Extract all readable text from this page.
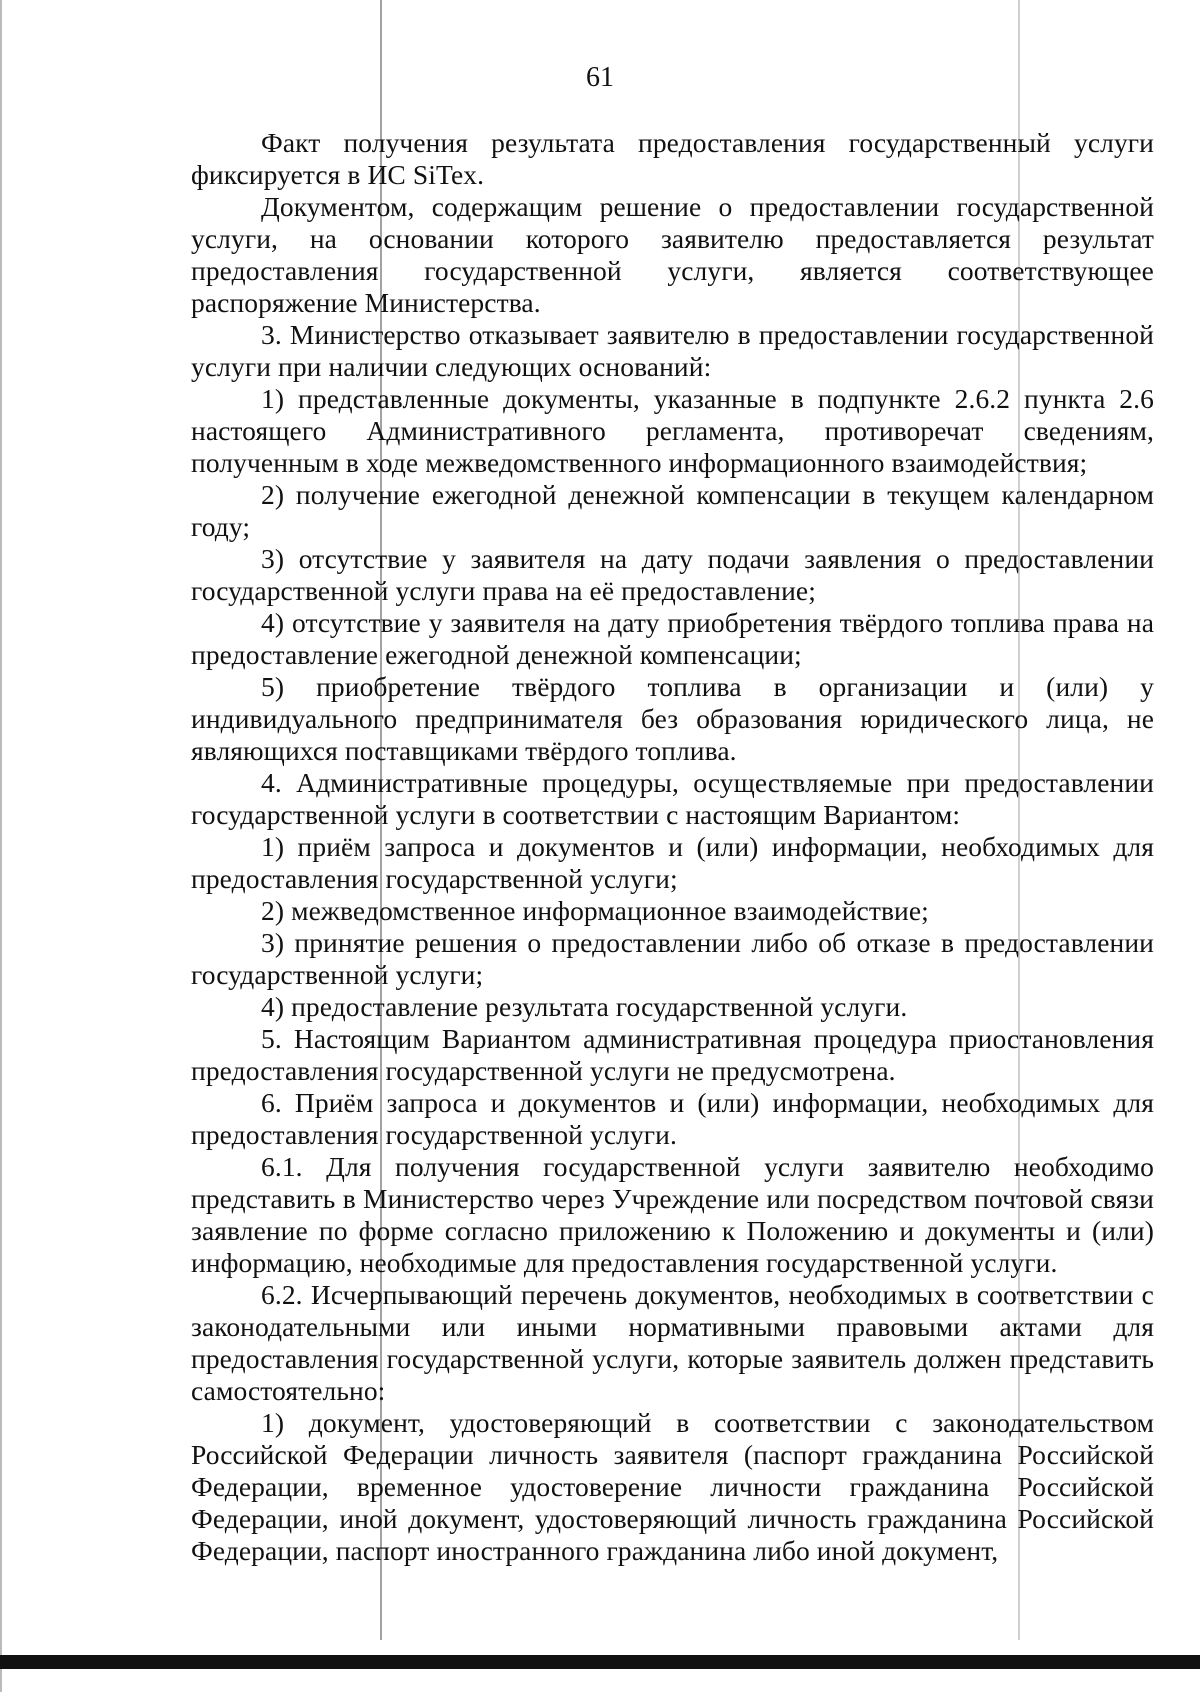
61

Факт получения результата предоставления государственный услуги фиксируется в ИС SiTex.

Документом, содержащим решение о предоставлении государственной услуги, на основании которого заявителю предоставляется результат предоставления государственной услуги, является соответствующее распоряжение Министерства.

3. Министерство отказывает заявителю в предоставлении государственной услуги при наличии следующих оснований:

1) представленные документы, указанные в подпункте 2.6.2 пункта 2.6 настоящего Административного регламента, противоречат сведениям, полученным в ходе межведомственного информационного взаимодействия;

2) получение ежегодной денежной компенсации в текущем календарном году;

3) отсутствие у заявителя на дату подачи заявления о предоставлении государственной услуги права на её предоставление;

4) отсутствие у заявителя на дату приобретения твёрдого топлива права на предоставление ежегодной денежной компенсации;

5) приобретение твёрдого топлива в организации и (или) у индивидуального предпринимателя без образования юридического лица, не являющихся поставщиками твёрдого топлива.

4. Административные процедуры, осуществляемые при предоставлении государственной услуги в соответствии с настоящим Вариантом:

1) приём запроса и документов и (или) информации, необходимых для предоставления государственной услуги;

2) межведомственное информационное взаимодействие;

3) принятие решения о предоставлении либо об отказе в предоставлении государственной услуги;

4) предоставление результата государственной услуги.

5. Настоящим Вариантом административная процедура приостановления предоставления государственной услуги не предусмотрена.

6. Приём запроса и документов и (или) информации, необходимых для предоставления государственной услуги.

6.1. Для получения государственной услуги заявителю необходимо представить в Министерство через Учреждение или посредством почтовой связи заявление по форме согласно приложению к Положению и документы и (или) информацию, необходимые для предоставления государственной услуги.

6.2. Исчерпывающий перечень документов, необходимых в соответствии с законодательными или иными нормативными правовыми актами для предоставления государственной услуги, которые заявитель должен представить самостоятельно:

1) документ, удостоверяющий в соответствии с законодательством Российской Федерации личность заявителя (паспорт гражданина Российской Федерации, временное удостоверение личности гражданина Российской Федерации, иной документ, удостоверяющий личность гражданина Российской Федерации, паспорт иностранного гражданина либо иной документ,
